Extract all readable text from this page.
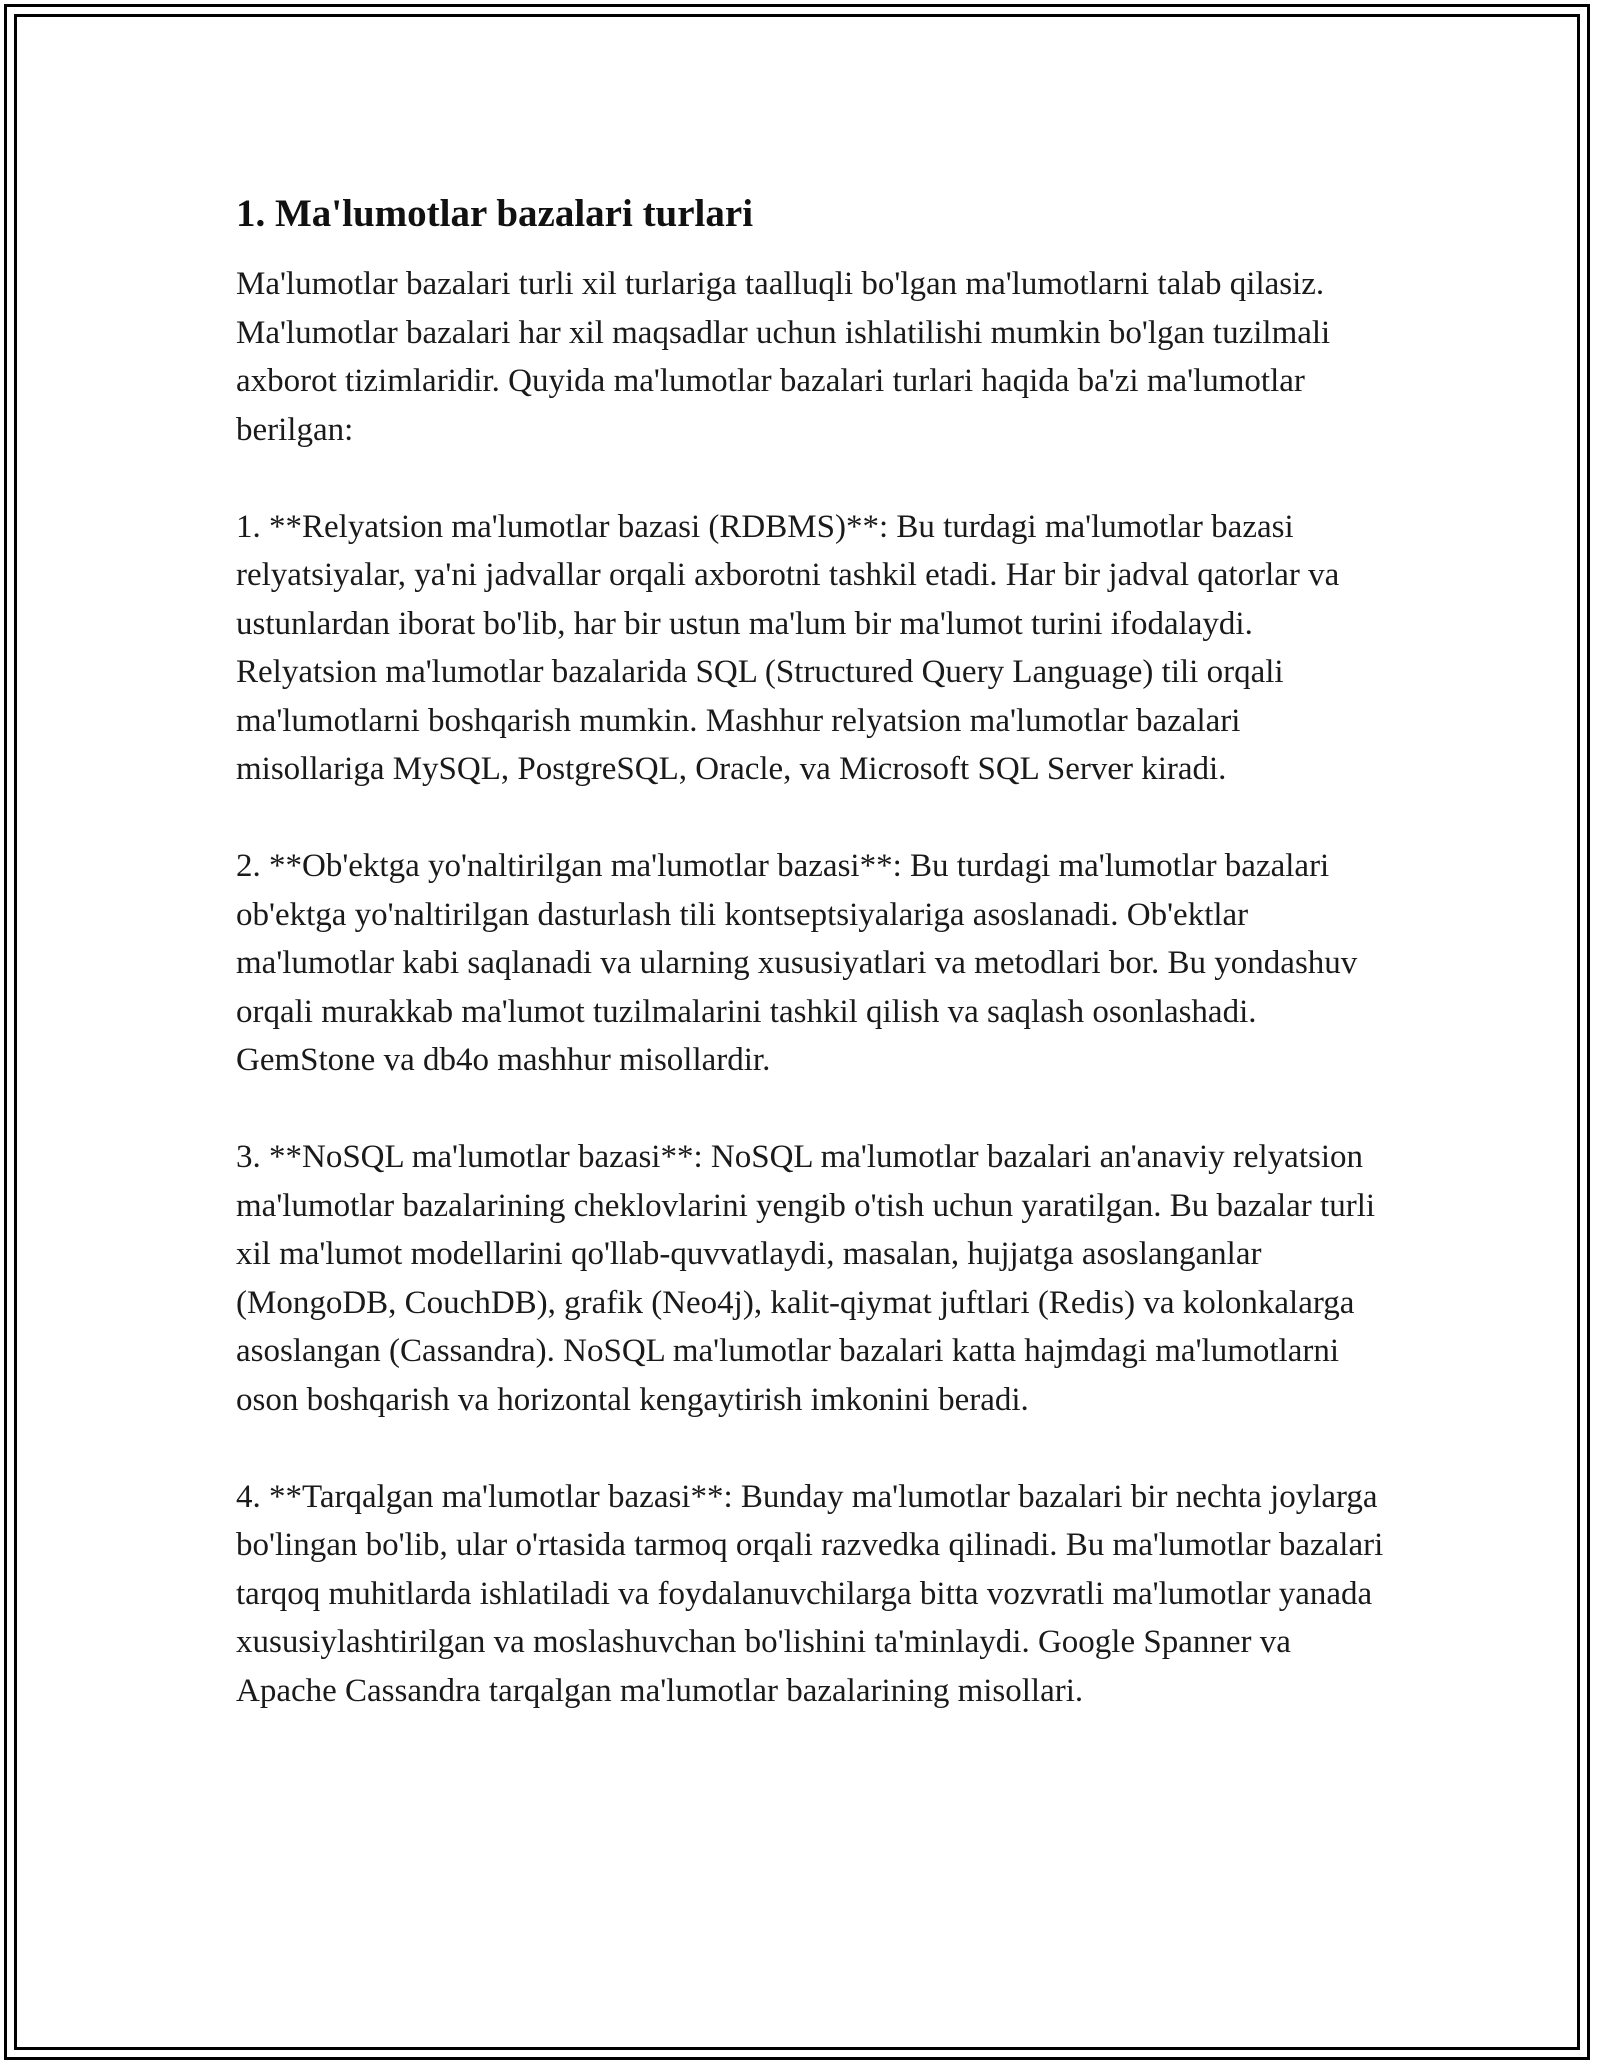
1. Ma'lumotlar bazalari turlari

Ma'lumotlar bazalari turli xil turlariga taalluqli bo'lgan ma'lumotlarni talab qilasiz. Ma'lumotlar bazalari har xil maqsadlar uchun ishlatilishi mumkin bo'lgan tuzilmali axborot tizimlaridir. Quyida ma'lumotlar bazalari turlari haqida ba'zi ma'lumotlar berilgan:

1. **Relyatsion ma'lumotlar bazasi (RDBMS)**: Bu turdagi ma'lumotlar bazasi relyatsiyalar, ya'ni jadvallar orqali axborotni tashkil etadi. Har bir jadval qatorlar va ustunlardan iborat bo'lib, har bir ustun ma'lum bir ma'lumot turini ifodalaydi. Relyatsion ma'lumotlar bazalarida SQL (Structured Query Language) tili orqali ma'lumotlarni boshqarish mumkin. Mashhur relyatsion ma'lumotlar bazalari misollariga MySQL, PostgreSQL, Oracle, va Microsoft SQL Server kiradi.

2. **Ob'ektga yo'naltirilgan ma'lumotlar bazasi**: Bu turdagi ma'lumotlar bazalari ob'ektga yo'naltirilgan dasturlash tili kontseptsiyalariga asoslanadi. Ob'ektlar ma'lumotlar kabi saqlanadi va ularning xususiyatlari va metodlari bor. Bu yondashuv orqali murakkab ma'lumot tuzilmalarini tashkil qilish va saqlash osonlashadi. GemStone va db4o mashhur misollardir.

3. **NoSQL ma'lumotlar bazasi**: NoSQL ma'lumotlar bazalari an'anaviy relyatsion ma'lumotlar bazalarining cheklovlarini yengib o'tish uchun yaratilgan. Bu bazalar turli xil ma'lumot modellarini qo'llab-quvvatlaydi, masalan, hujjatga asoslanganlar (MongoDB, CouchDB), grafik (Neo4j), kalit-qiymat juftlari (Redis) va kolonkalarga asoslangan (Cassandra). NoSQL ma'lumotlar bazalari katta hajmdagi ma'lumotlarni oson boshqarish va horizontal kengaytirish imkonini beradi.

4. **Tarqalgan ma'lumotlar bazasi**: Bunday ma'lumotlar bazalari bir nechta joylarga bo'lingan bo'lib, ular o'rtasida tarmoq orqali razvedka qilinadi. Bu ma'lumotlar bazalari tarqoq muhitlarda ishlatiladi va foydalanuvchilarga bitta vozvratli ma'lumotlar yanada xususiylashtirilgan va moslashuvchan bo'lishini ta'minlaydi. Google Spanner va Apache Cassandra tarqalgan ma'lumotlar bazalarining misollari.
